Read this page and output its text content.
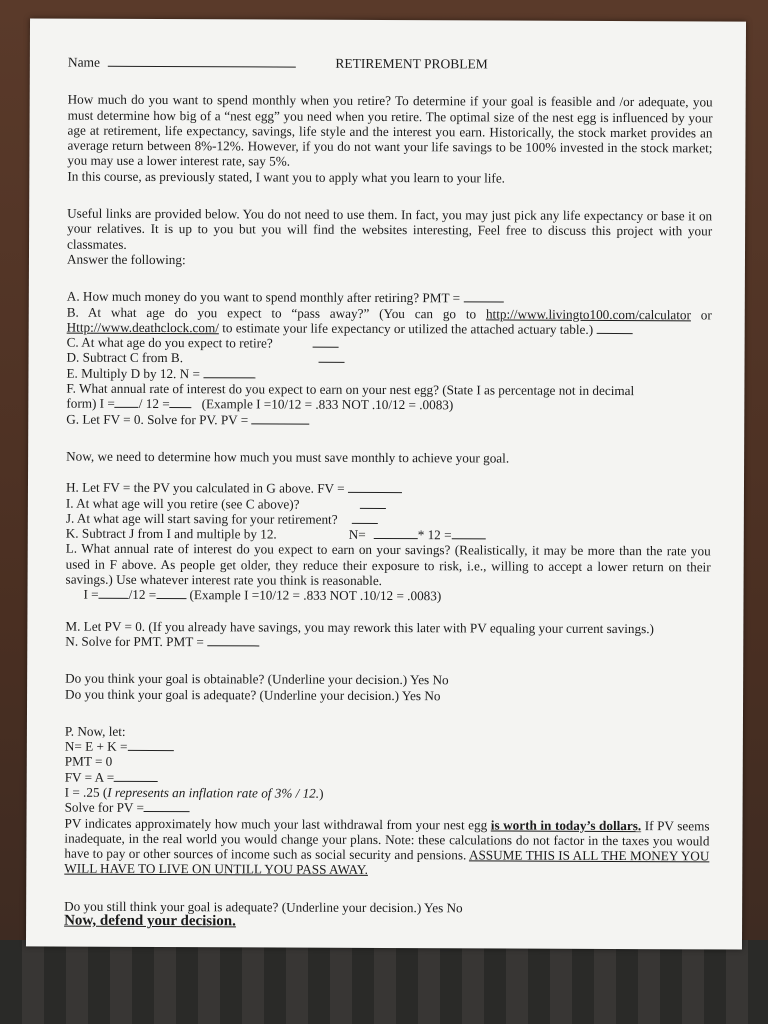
Name	RETIREMENT PROBLEM

How much do you want to spend monthly when you retire? To determine if your goal is feasible and /or adequate, you must determine how big of a “nest egg” you need when you retire. The optimal size of the nest egg is influenced by your age at retirement, life expectancy, savings, life style and the interest you earn. Historically, the stock market provides an average return between 8%-12%. However, if you do not want your life savings to be 100% invested in the stock market; you may use a lower interest rate, say 5%.

In this course, as previously stated, I want you to apply what you learn to your life.

Useful links are provided below. You do not need to use them. In fact, you may just pick any life expectancy or base it on your relatives. It is up to you but you will find the websites interesting, Feel free to discuss this project with your classmates.

Answer the following:

A. How much money do you want to spend monthly after retiring? PMT =

B. At what age do you expect to “pass away?” (You can go to http://www.livingto100.com/calculator or Http://www.deathclock.com/ to estimate your life expectancy or utilized the attached actuary table.)

C. At what age do you expect to retire?

D. Subtract C from B.

E. Multiply D by 12. N =

F. What annual rate of interest do you expect to earn on your nest egg? (State I as percentage not in decimal

form) I = / 12 = (Example I =10/12 = .833 NOT .10/12 = .0083)

G. Let FV = 0. Solve for PV. PV =

Now, we need to determine how much you must save monthly to achieve your goal.

H. Let FV = the PV you calculated in G above. FV =

I. At what age will you retire (see C above)?

J. At what age will start saving for your retirement?

K. Subtract J from I and multiple by 12.	N=	* 12 =

L. What annual rate of interest do you expect to earn on your savings? (Realistically, it may be more than the rate you used in F above. As people get older, they reduce their exposure to risk, i.e., willing to accept a lower return on their savings.) Use whatever interest rate you think is reasonable.

I = /12 =	(Example I =10/12 = .833 NOT .10/12 = .0083)

M. Let PV = 0. (If you already have savings, you may rework this later with PV equaling your current savings.)

N. Solve for PMT. PMT =

Do you think your goal is obtainable? (Underline your decision.) Yes No

Do you think your goal is adequate? (Underline your decision.) Yes No

P. Now, let:

N= E + K =

PMT = 0

FV = A =

I = .25 (I represents an inflation rate of 3% / 12.)

Solve for PV =

PV indicates approximately how much your last withdrawal from your nest egg is worth in today’s dollars. If PV seems inadequate, in the real world you would change your plans. Note: these calculations do not factor in the taxes you would have to pay or other sources of income such as social security and pensions. ASSUME THIS IS ALL THE MONEY YOU WILL HAVE TO LIVE ON UNTILL YOU PASS AWAY.

Do you still think your goal is adequate? (Underline your decision.) Yes No

Now, defend your decision.
